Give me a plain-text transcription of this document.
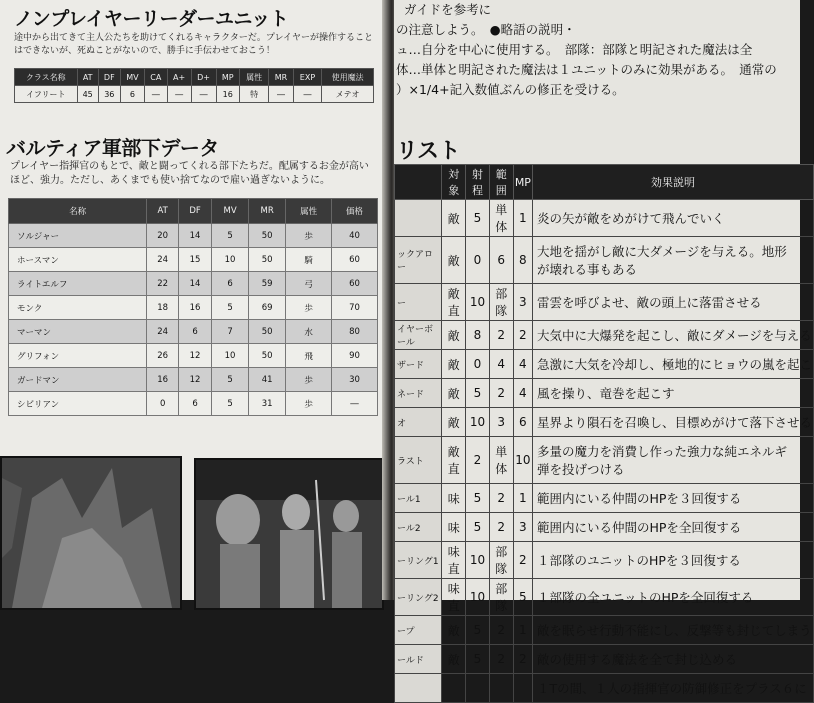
ノンプレイヤーリーダーユニット
途中から出てきて主人公たちを助けてくれるキャラクターだ。プレイヤーが操作することはできないが、死ぬことがないので、勝手に手伝わせておこう！
クラス名称	AT	DF	MV	CA	A+	D+	MP	属性	MR	EXP	使用魔法
イフリート	45	36	6	―	―	―	16	特	―	―	メテオ
バルティア軍部下データ
プレイヤー指揮官のもとで、敵と闘ってくれる部下たちだ。配属するお金が高いほど、強力。ただし、あくまでも使い捨てなので雇い過ぎないように。
名称	AT	DF	MV	MR	属性	価格
ソルジャー	20	14	5	50	歩	40
ホースマン	24	15	10	50	騎	60
ライトエルフ	22	14	6	59	弓	60
モンク	18	16	5	69	歩	70
マーマン	24	6	7	50	水	80
グリフォン	26	12	10	50	飛	90
ガードマン	16	12	5	41	歩	30
シビリアン	0	6	5	31	歩	―
ガイドを参考に
の注意しよう。　●略語の説明・
ュ…自分を中心に使用する。　部隊：部隊と明記された魔法は全
体…単体と明記された魔法は１ユニットのみに効果がある。　通常の
）×1/4+記入数値ぶんの修正を受ける。
リスト
	対象	射程	範囲	MP	効果説明
	敵	5	単体	1	炎の矢が敵をめがけて飛んでいく

ックアロー	敵	0	6	8	大地を揺がし敵に大ダメージを与える。地形
が壊れる事もある

ー	敵直	10	部隊	3	雷雲を呼びよせ、敵の頭上に落雷させる

イヤーボール	敵	8	2	2	大気中に大爆発を起こし、敵にダメージを与える

ザード	敵	0	4	4	急激に大気を冷却し、極地的にヒョウの嵐を起こ

ネード	敵	5	2	4	風を操り、竜巻を起こす

オ	敵	10	3	6	星界より隕石を召喚し、目標めがけて落下させる

ラスト	敵直	2	単体	10	多量の魔力を消費し作った強力な純エネルギ
弾を投げつける

ール1	味	5	2	1	範囲内にいる仲間のHPを３回復する

ール2	味	5	2	3	範囲内にいる仲間のHPを全回復する

ーリング1	味直	10	部隊	2	１部隊のユニットのHPを３回復する

ーリング2	味直	10	部隊	5	１部隊の全ユニットのHPを全回復する

ープ	敵	5	2	1	敵を眠らせ行動不能にし、反撃等も封じてしまう

ールド	敵	5	2	2	敵の使用する魔法を全て封じ込める

					１Tの間、１人の指揮官の防御修正をプラス６に
